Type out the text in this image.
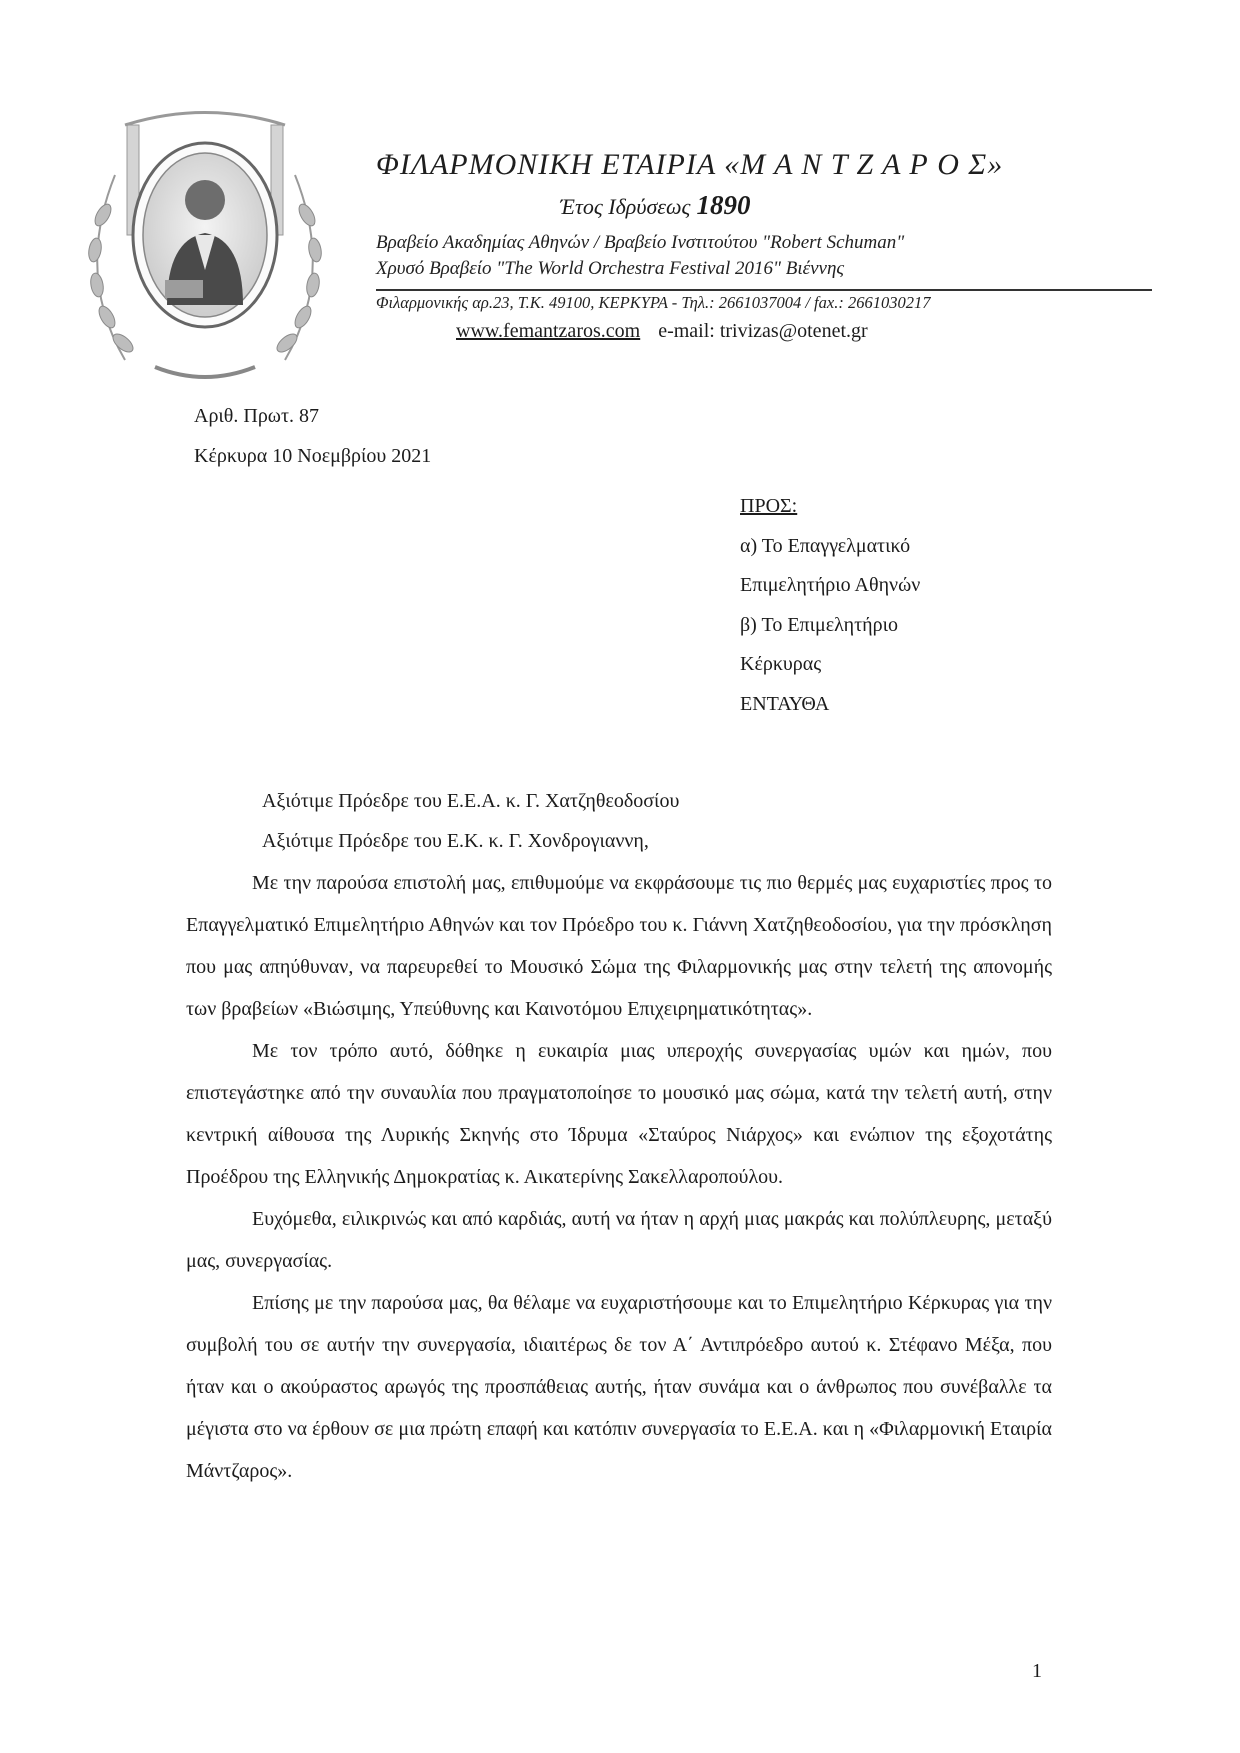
ΦΙΛΑΡΜΟΝΙΚΗ ΕΤΑΙΡΙΑ «Μ Α Ν Τ Ζ Α Ρ Ο Σ»
Έτος Ιδρύσεως 1890
Βραβείο Ακαδημίας Αθηνών / Βραβείο Ινστιτούτου "Robert Schuman"
Χρυσό Βραβείο "The World Orchestra Festival 2016" Βιέννης
Φιλαρμονικής αρ.23, Τ.Κ. 49100, ΚΕΡΚΥΡΑ - Τηλ.: 2661037004 / fax.: 2661030217
www.femantzaros.com e-mail: trivizas@otenet.gr
Αριθ. Πρωτ. 87
Κέρκυρα 10 Νοεμβρίου 2021
ΠΡΟΣ:
α) Το Επαγγελματικό
Επιμελητήριο Αθηνών
β) Το Επιμελητήριο
Κέρκυρας
ΕΝΤΑΥΘΑ
Αξιότιμε Πρόεδρε του Ε.Ε.Α. κ. Γ. Χατζηθεοδοσίου
Αξιότιμε Πρόεδρε του Ε.Κ. κ. Γ. Χονδρογιαννη,

Με την παρούσα επιστολή μας, επιθυμούμε να εκφράσουμε τις πιο θερμές μας ευχαριστίες προς το Επαγγελματικό Επιμελητήριο Αθηνών και τον Πρόεδρο του κ. Γιάννη Χατζηθεοδοσίου, για την πρόσκληση που μας απηύθυναν, να παρευρεθεί το Μουσικό Σώμα της Φιλαρμονικής μας στην τελετή της απονομής των βραβείων «Βιώσιμης, Υπεύθυνης και Καινοτόμου Επιχειρηματικότητας».

Με τον τρόπο αυτό, δόθηκε η ευκαιρία μιας υπεροχής συνεργασίας υμών και ημών, που επιστεγάστηκε από την συναυλία που πραγματοποίησε το μουσικό μας σώμα, κατά την τελετή αυτή, στην κεντρική αίθουσα της Λυρικής Σκηνής στο Ίδρυμα «Σταύρος Νιάρχος» και ενώπιον της εξοχοτάτης Προέδρου της Ελληνικής Δημοκρατίας κ. Αικατερίνης Σακελλαροπούλου.

Ευχόμεθα, ειλικρινώς και από καρδιάς, αυτή να ήταν η αρχή μιας μακράς και πολύπλευρης, μεταξύ μας, συνεργασίας.

Επίσης με την παρούσα μας, θα θέλαμε να ευχαριστήσουμε και το Επιμελητήριο Κέρκυρας για την συμβολή του σε αυτήν την συνεργασία, ιδιαιτέρως δε τον Α΄ Αντιπρόεδρο αυτού κ. Στέφανο Μέξα, που ήταν και ο ακούραστος αρωγός της προσπάθειας αυτής, ήταν συνάμα και ο άνθρωπος που συνέβαλλε τα μέγιστα στο να έρθουν σε μια πρώτη επαφή και κατόπιν συνεργασία το Ε.Ε.Α. και η «Φιλαρμονική Εταιρία Μάντζαρος».

1
